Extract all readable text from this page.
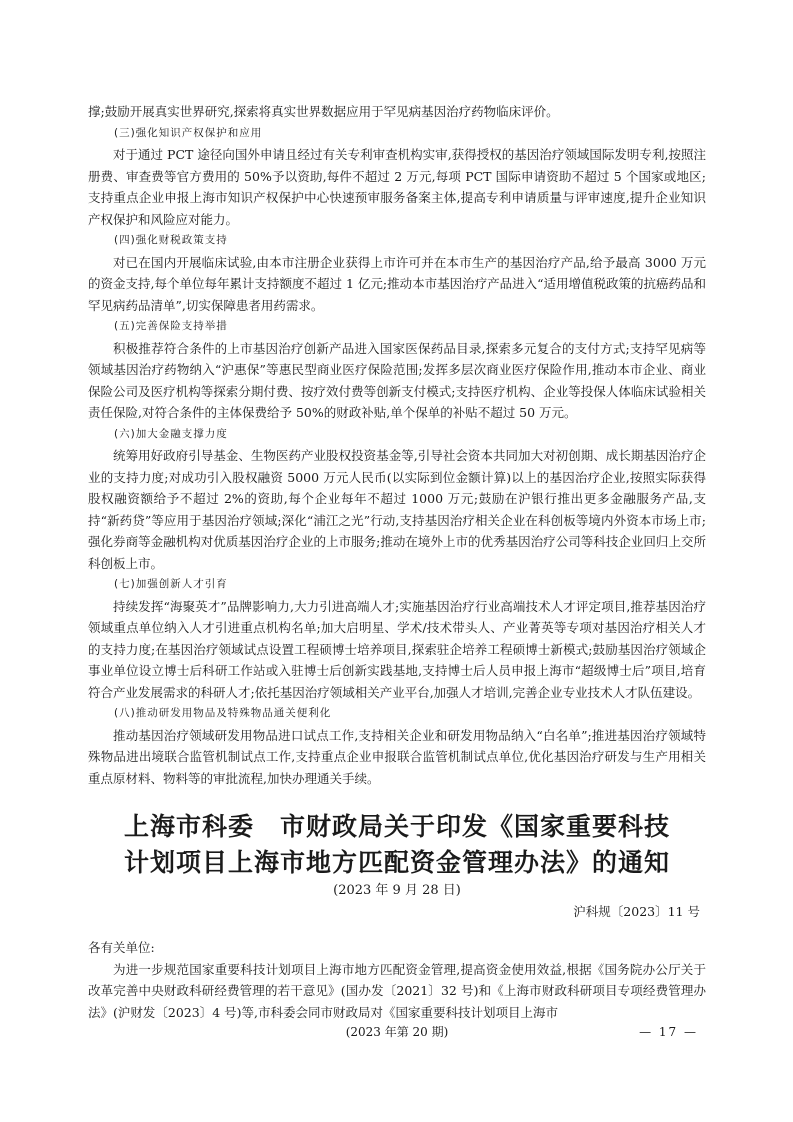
撑;鼓励开展真实世界研究,探索将真实世界数据应用于罕见病基因治疗药物临床评价。

(三)强化知识产权保护和应用

对于通过 PCT 途径向国外申请且经过有关专利审查机构实审,获得授权的基因治疗领域国际发明专利,按照注册费、审查费等官方费用的 50%予以资助,每件不超过 2 万元,每项 PCT 国际申请资助不超过 5 个国家或地区;支持重点企业申报上海市知识产权保护中心快速预审服务备案主体,提高专利申请质量与评审速度,提升企业知识产权保护和风险应对能力。

(四)强化财税政策支持

对已在国内开展临床试验,由本市注册企业获得上市许可并在本市生产的基因治疗产品,给予最高 3000 万元的资金支持,每个单位每年累计支持额度不超过 1 亿元;推动本市基因治疗产品进入“适用增值税政策的抗癌药品和罕见病药品清单”,切实保障患者用药需求。

(五)完善保险支持举措

积极推荐符合条件的上市基因治疗创新产品进入国家医保药品目录,探索多元复合的支付方式;支持罕见病等领域基因治疗药物纳入“沪惠保”等惠民型商业医疗保险范围;发挥多层次商业医疗保险作用,推动本市企业、商业保险公司及医疗机构等探索分期付费、按疗效付费等创新支付模式;支持医疗机构、企业等投保人体临床试验相关责任保险,对符合条件的主体保费给予 50%的财政补贴,单个保单的补贴不超过 50 万元。

(六)加大金融支撑力度

统筹用好政府引导基金、生物医药产业股权投资基金等,引导社会资本共同加大对初创期、成长期基因治疗企业的支持力度;对成功引入股权融资 5000 万元人民币(以实际到位金额计算)以上的基因治疗企业,按照实际获得股权融资额给予不超过 2%的资助,每个企业每年不超过 1000 万元;鼓励在沪银行推出更多金融服务产品,支持“新药贷”等应用于基因治疗领域;深化“浦江之光”行动,支持基因治疗相关企业在科创板等境内外资本市场上市;强化券商等金融机构对优质基因治疗企业的上市服务;推动在境外上市的优秀基因治疗公司等科技企业回归上交所科创板上市。

(七)加强创新人才引育

持续发挥“海聚英才”品牌影响力,大力引进高端人才;实施基因治疗行业高端技术人才评定项目,推荐基因治疗领域重点单位纳入人才引进重点机构名单;加大启明星、学术/技术带头人、产业菁英等专项对基因治疗相关人才的支持力度;在基因治疗领域试点设置工程硕博士培养项目,探索驻企培养工程硕博士新模式;鼓励基因治疗领域企事业单位设立博士后科研工作站或入驻博士后创新实践基地,支持博士后人员申报上海市“超级博士后”项目,培育符合产业发展需求的科研人才;依托基因治疗领域相关产业平台,加强人才培训,完善企业专业技术人才队伍建设。

(八)推动研发用物品及特殊物品通关便利化

推动基因治疗领域研发用物品进口试点工作,支持相关企业和研发用物品纳入“白名单”;推进基因治疗领域特殊物品进出境联合监管机制试点工作,支持重点企业申报联合监管机制试点单位,优化基因治疗研发与生产用相关重点原材料、物料等的审批流程,加快办理通关手续。

上海市科委　市财政局关于印发《国家重要科技
计划项目上海市地方匹配资金管理办法》的通知

(2023 年 9 月 28 日)

沪科规〔2023〕11 号

各有关单位:

为进一步规范国家重要科技计划项目上海市地方匹配资金管理,提高资金使用效益,根据《国务院办公厅关于改革完善中央财政科研经费管理的若干意见》(国办发〔2021〕32 号)和《上海市财政科研项目专项经费管理办法》(沪财发〔2023〕4 号)等,市科委会同市财政局对《国家重要科技计划项目上海市

(2023 年第 20 期)	— 17 —
